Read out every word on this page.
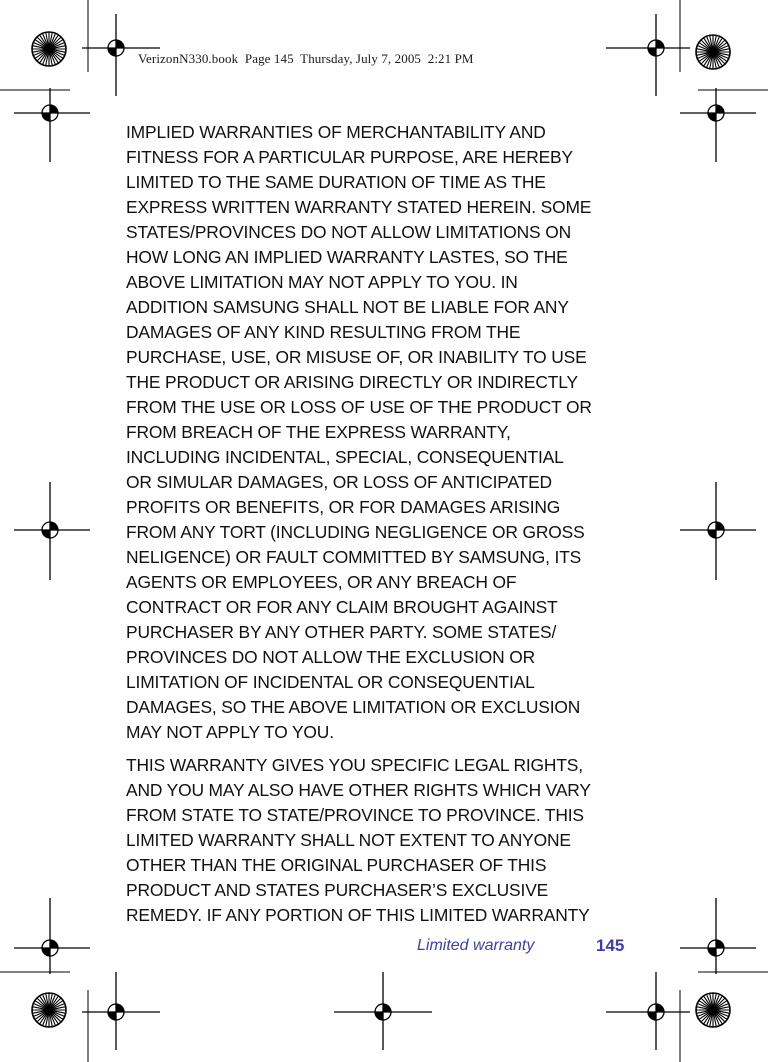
VerizonN330.book  Page 145  Thursday, July 7, 2005  2:21 PM

IMPLIED WARRANTIES OF MERCHANTABILITY AND
FITNESS FOR A PARTICULAR PURPOSE, ARE HEREBY
LIMITED TO THE SAME DURATION OF TIME AS THE
EXPRESS WRITTEN WARRANTY STATED HEREIN. SOME
STATES/PROVINCES DO NOT ALLOW LIMITATIONS ON
HOW LONG AN IMPLIED WARRANTY LASTES, SO THE
ABOVE LIMITATION MAY NOT APPLY TO YOU. IN
ADDITION SAMSUNG SHALL NOT BE LIABLE FOR ANY
DAMAGES OF ANY KIND RESULTING FROM THE
PURCHASE, USE, OR MISUSE OF, OR INABILITY TO USE
THE PRODUCT OR ARISING DIRECTLY OR INDIRECTLY
FROM THE USE OR LOSS OF USE OF THE PRODUCT OR
FROM BREACH OF THE EXPRESS WARRANTY,
INCLUDING INCIDENTAL, SPECIAL, CONSEQUENTIAL
OR SIMULAR DAMAGES, OR LOSS OF ANTICIPATED
PROFITS OR BENEFITS, OR FOR DAMAGES ARISING
FROM ANY TORT (INCLUDING NEGLIGENCE OR GROSS
NELIGENCE) OR FAULT COMMITTED BY SAMSUNG, ITS
AGENTS OR EMPLOYEES, OR ANY BREACH OF
CONTRACT OR FOR ANY CLAIM BROUGHT AGAINST
PURCHASER BY ANY OTHER PARTY. SOME STATES/
PROVINCES DO NOT ALLOW THE EXCLUSION OR
LIMITATION OF INCIDENTAL OR CONSEQUENTIAL
DAMAGES, SO THE ABOVE LIMITATION OR EXCLUSION
MAY NOT APPLY TO YOU.

THIS WARRANTY GIVES YOU SPECIFIC LEGAL RIGHTS,
AND YOU MAY ALSO HAVE OTHER RIGHTS WHICH VARY
FROM STATE TO STATE/PROVINCE TO PROVINCE. THIS
LIMITED WARRANTY SHALL NOT EXTENT TO ANYONE
OTHER THAN THE ORIGINAL PURCHASER OF THIS
PRODUCT AND STATES PURCHASER’S EXCLUSIVE
REMEDY. IF ANY PORTION OF THIS LIMITED WARRANTY

Limited warranty	145
